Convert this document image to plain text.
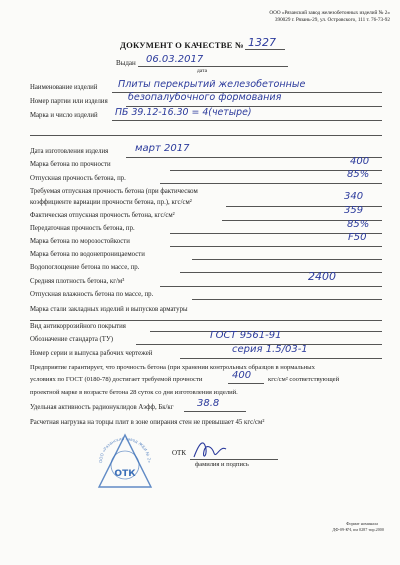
ООО «Рязанский завод железобетонных изделий № 2»
390029 г. Рязань-29, ул. Островского, 111 т. 76-73-92
ДОКУМЕНТ О КАЧЕСТВЕ № 1327
Выдан 06.03.2017
дата
Наименование изделий Плиты перекрытий железобетонные
Номер партии или изделия безопалубочного формования
Марка и число изделий ПБ 39.12-16.30 = 4(четыре)
Дата изготовления изделия	март 2017
Марка бетона по прочности	400
Отпускная прочность бетона, пр.	85%
Требуемая отпускная прочность бетона (при фактическом
коэффициенте вариации прочности бетона, пр.), кгс/см²
340
Фактическая отпускная прочность бетона, кгс/см²	359
Передаточная прочность бетона, пр.	85%
Марка бетона по морозостойкости	F50
Марка бетона по водонепроницаемости
Водопоглощение бетона по массе, пр.
Средняя плотность бетона, кг/м³	2400
Отпускная влажность бетона по массе, пр.
Марка стали закладных изделий и выпусков арматуры
Вид антикоррозийного покрытия
Обозначение стандарта (ТУ)	ГОСТ 9561-91
Номер серии и выпуска рабочих чертежей	серия 1.5/03-1
Предприятие гарантирует, что прочность бетона (при хранении контрольных образцов в нормальных
условиях по ГОСТ (0180-78) достигает требуемой прочности	400	кгс/см² соответствующей
проектной марке в возрасте бетона 28 суток со дня изготовления изделий.
Удельная активность радионуклидов Аэфф, Бк/кг 38.8
Расчетная нагрузка на торцы плит в зоне опирания стен не превышает 45 кгс/см²
ООО «Рязанский завод ЖБИ № 2»
ОТК
ОТК
фамилия и подпись
Формат номинала
ДФ-09-КЧ, пм 0287 тир.2000
